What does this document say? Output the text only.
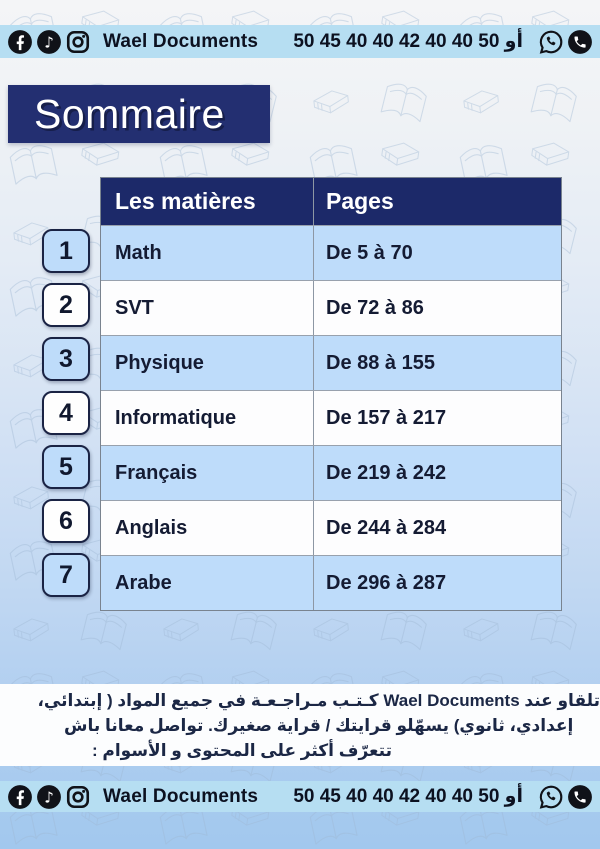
Wael Documents 50 45 40 40 أو 50 40 40 42
Sommaire
Les matières	Pages
Math	De 5 à 70
SVT	De 72 à 86
Physique	De 88 à 155
Informatique	De 157 à 217
Français	De 219 à 242
Anglais	De 244 à 284
Arabe	De 296 à 287
1
2
3
4
5
6
7
تلقاو عند Wael Documents كـتـب مـراجـعـة في جميع المواد ( إبتدائي،
إعدادي، ثانوي) يسهّلو قرايتك / قراية صغيرك. تواصل معانا باش
تتعرّف أكثر على المحتوى و الأسوام :
Wael Documents 50 45 40 40 أو 50 40 40 42
